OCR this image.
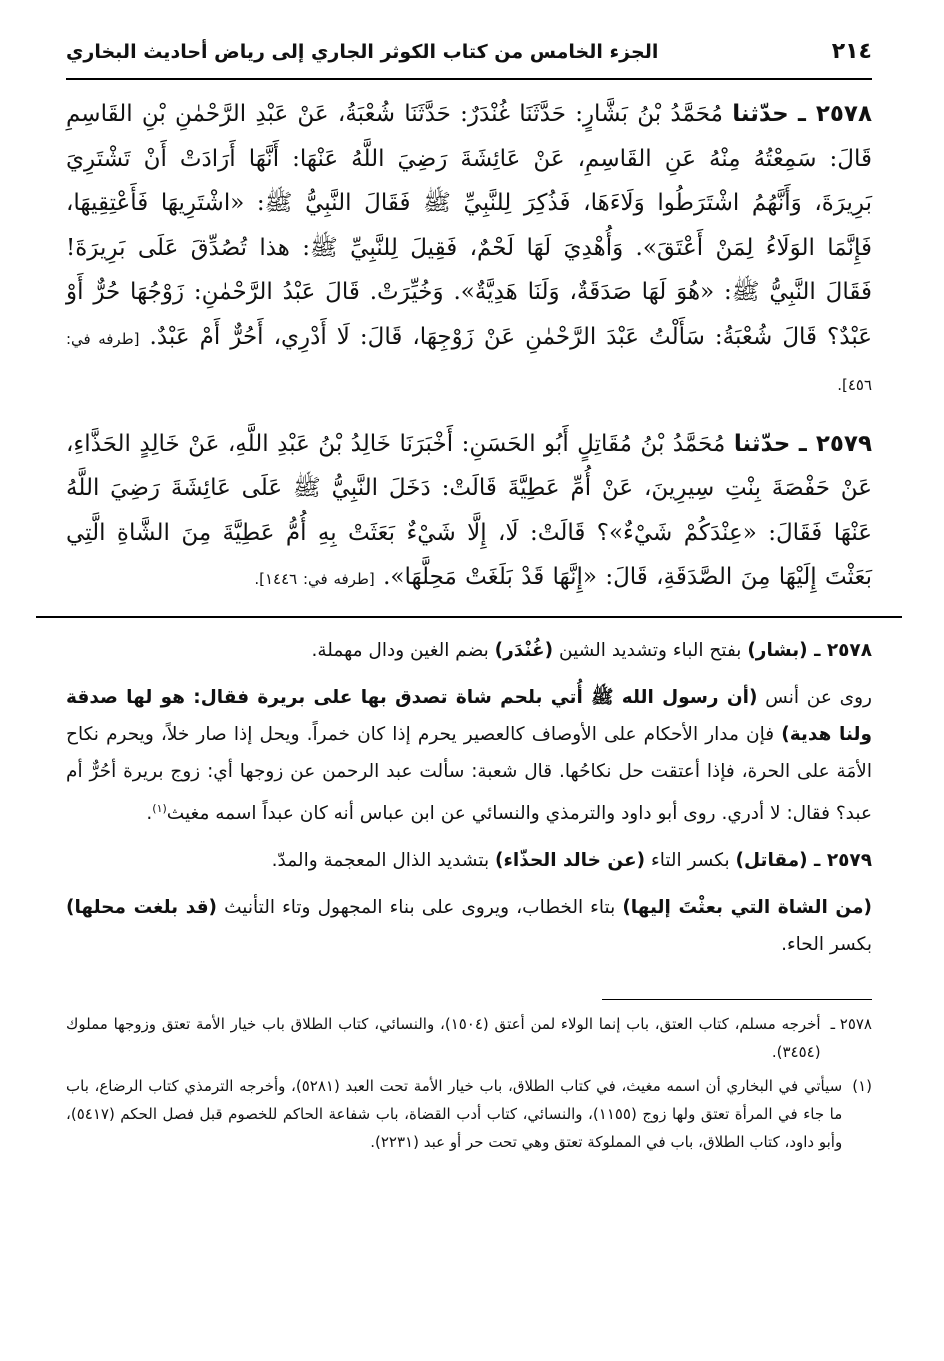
٢١٤
الجزء الخامس من كتاب الكوثر الجاري إلى رياض أحاديث البخاري

٢٥٧٨ ـ حدّثنا مُحَمَّدُ بْنُ بَشَّارٍ: حَدَّثَنَا غُنْدَرٌ: حَدَّثَنَا شُعْبَةُ، عَنْ عَبْدِ الرَّحْمٰنِ بْنِ القَاسِمِ قَالَ: سَمِعْتُهُ مِنْهُ عَنِ القَاسِمِ، عَنْ عَائِشَةَ رَضِيَ اللَّهُ عَنْهَا: أَنَّهَا أَرَادَتْ أَنْ تَشْتَرِيَ بَرِيرَةَ، وَأَنَّهُمُ اشْتَرَطُوا وَلَاءَهَا، فَذُكِرَ لِلنَّبِيِّ ﷺ فَقَالَ النَّبِيُّ ﷺ: «اشْتَرِيهَا فَأَعْتِقِيهَا، فَإِنَّمَا الوَلَاءُ لِمَنْ أَعْتَقَ». وَأُهْدِيَ لَهَا لَحْمٌ، فَقِيلَ لِلنَّبِيِّ ﷺ: هذا تُصُدِّقَ عَلَى بَرِيرَةَ! فَقَالَ النَّبِيُّ ﷺ: «هُوَ لَهَا صَدَقَةٌ، وَلَنَا هَدِيَّةٌ». وَخُيِّرَتْ. قَالَ عَبْدُ الرَّحْمٰنِ: زَوْجُهَا حُرٌّ أَوْ عَبْدٌ؟ قَالَ شُعْبَةُ: سَأَلْتُ عَبْدَ الرَّحْمٰنِ عَنْ زَوْجِهَا، قَالَ: لَا أَدْرِي، أَحُرٌّ أَمْ عَبْدٌ. [طرفه في: ٤٥٦].

٢٥٧٩ ـ حدّثنا مُحَمَّدُ بْنُ مُقَاتِلٍ أَبُو الحَسَنِ: أَخْبَرَنَا خَالِدُ بْنُ عَبْدِ اللَّهِ، عَنْ خَالِدٍ الحَذَّاءِ، عَنْ حَفْصَةَ بِنْتِ سِيرِينَ، عَنْ أُمِّ عَطِيَّةَ قَالَتْ: دَخَلَ النَّبِيُّ ﷺ عَلَى عَائِشَةَ رَضِيَ اللَّهُ عَنْهَا فَقَالَ: «عِنْدَكُمْ شَيْءٌ»؟ قَالَتْ: لَا، إِلَّا شَيْءٌ بَعَثَتْ بِهِ أُمُّ عَطِيَّةَ مِنَ الشَّاةِ الَّتِي بَعَثْتَ إِلَيْهَا مِنَ الصَّدَقَةِ، قَالَ: «إِنَّهَا قَدْ بَلَغَتْ مَحِلَّهَا». [طرفه في: ١٤٤٦].

٢٥٧٨ ـ (بشار) بفتح الباء وتشديد الشين (غُنْدَر) بضم الغين ودال مهملة.

روى عن أنس (أن رسول الله ﷺ أُتي بلحم شاة تصدق بها على بريرة فقال: هو لها صدقة ولنا هدية) فإن مدار الأحكام على الأوصاف كالعصير يحرم إذا كان خمراً. ويحل إذا صار خلاً، ويحرم نكاح الأمَة على الحرة، فإذا أعتقت حل نكاحُها. قال شعبة: سألت عبد الرحمن عن زوجها أي: زوج بريرة أحُرٌّ أم عبد؟ فقال: لا أدري. روى أبو داود والترمذي والنسائي عن ابن عباس أنه كان عبداً اسمه مغيث$^{(١)}$.

٢٥٧٩ ـ (مقاتل) بكسر التاء (عن خالد الحذّاء) بتشديد الذال المعجمة والمدّ.

(من الشاة التي بعثْتَ إليها) بتاء الخطاب، ويروى على بناء المجهول وتاء التأنيث (قد بلغت محلها) بكسر الحاء.

٢٥٧٨ ـ
أخرجه مسلم، كتاب العتق، باب إنما الولاء لمن أعتق (١٥٠٤)، والنسائي، كتاب الطلاق باب خيار الأمة تعتق وزوجها مملوك (٣٤٥٤).
(١)
سيأتي في البخاري أن اسمه مغيث، في كتاب الطلاق، باب خيار الأمة تحت العبد (٥٢٨١)، وأخرجه الترمذي كتاب الرضاع، باب ما جاء في المرأة تعتق ولها زوج (١١٥٥)، والنسائي، كتاب أدب القضاة، باب شفاعة الحاكم للخصوم قبل فصل الحكم (٥٤١٧)، وأبو داود، كتاب الطلاق، باب في المملوكة تعتق وهي تحت حر أو عبد (٢٢٣١).
